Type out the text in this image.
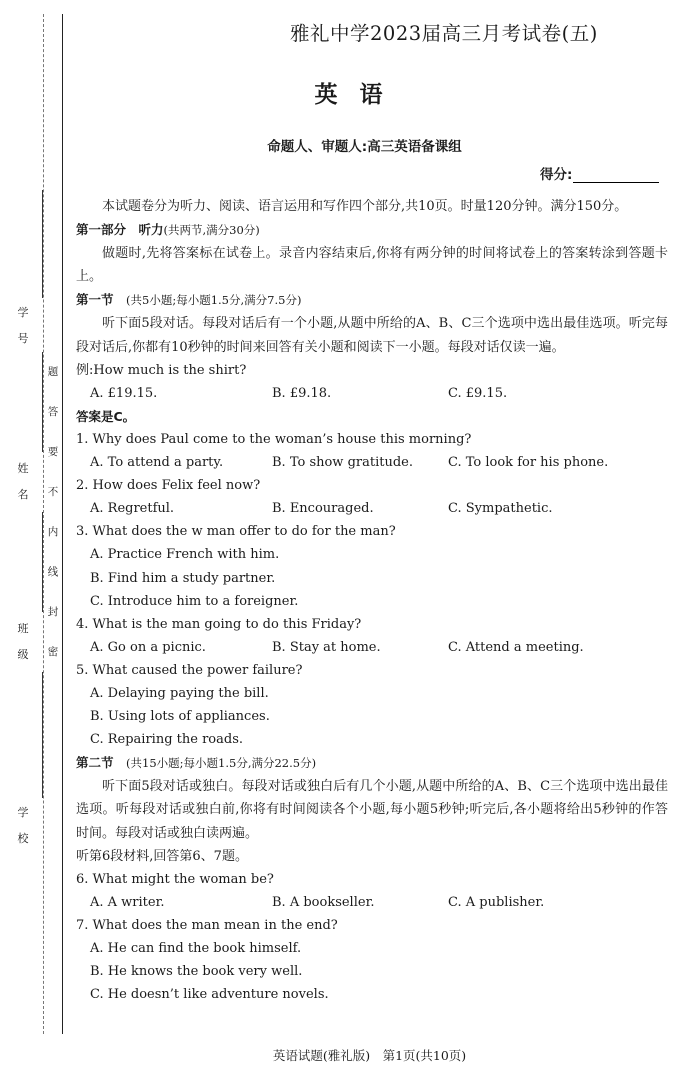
学号
姓名
班级
学校
题
答
要
不
内
线
封
密
雅礼中学2023届高三月考试卷(五)
英语
命题人、审题人:高三英语备课组
得分:

本试题卷分为听力、阅读、语言运用和写作四个部分,共10页。时量120分钟。满分150分。

第一部分　听力(共两节,满分30分)

做题时,先将答案标在试卷上。录音内容结束后,你将有两分钟的时间将试卷上的答案转涂到答题卡上。

第一节　 (共5小题;每小题1.5分,满分7.5分)

听下面5段对话。每段对话后有一个小题,从题中所给的A、B、C三个选项中选出最佳选项。听完每段对话后,你都有10秒钟的时间来回答有关小题和阅读下一小题。每段对话仅读一遍。

例:How much is the shirt?

A. £19.15.	B. £9.18.	C. £9.15.

答案是C。

1. Why does Paul come to the woman’s house this morning?

A. To attend a party.	B. To show gratitude.	C. To look for his phone.

2. How does Felix feel now?

A. Regretful.	B. Encouraged.	C. Sympathetic.

3. What does the w man offer to do for the man?

A. Practice French with him.

B. Find him a study partner.

C. Introduce him to a foreigner.

4. What is the man going to do this Friday?

A. Go on a picnic.	B. Stay at home.	C. Attend a meeting.

5. What caused the power failure?

A. Delaying paying the bill.

B. Using lots of appliances.

C. Repairing the roads.

第二节　 (共15小题;每小题1.5分,满分22.5分)

听下面5段对话或独白。每段对话或独白后有几个小题,从题中所给的A、B、C三个选项中选出最佳选项。听每段对话或独白前,你将有时间阅读各个小题,每小题5秒钟;听完后,各小题将给出5秒钟的作答时间。每段对话或独白读两遍。

听第6段材料,回答第6、7题。

6. What might the woman be?

A. A writer.	B. A bookseller.	C. A publisher.

7. What does the man mean in the end?

A. He can find the book himself.

B. He knows the book very well.

C. He doesn’t like adventure novels.

英语试题(雅礼版)　第1页(共10页)
